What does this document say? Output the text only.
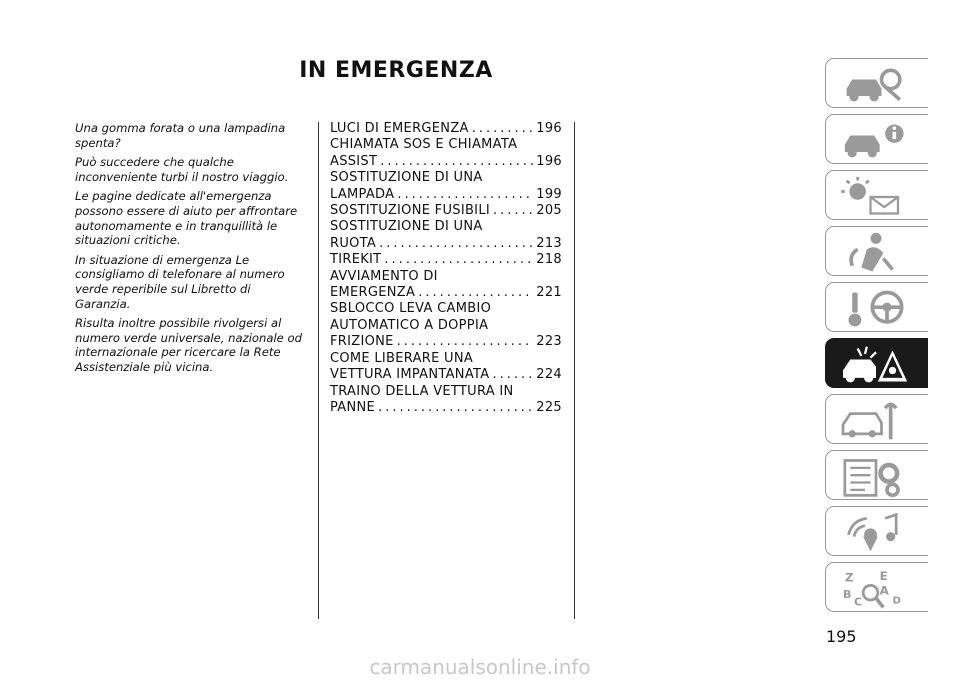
IN EMERGENZA

Una gomma forata o una lampadina spenta?

Può succedere che qualche inconveniente turbi il nostro viaggio.

Le pagine dedicate all'emergenza possono essere di aiuto per affrontare autonomamente e in tranquillità le situazioni critiche.

In situazione di emergenza Le consigliamo di telefonare al numero verde reperibile sul Libretto di Garanzia.

Risulta inoltre possibile rivolgersi al numero verde universale, nazionale od internazionale per ricercare la Rete Assistenziale più vicina.

LUCI DI EMERGENZA .....	196
CHIAMATA SOS E CHIAMATA
ASSIST .....	196
SOSTITUZIONE DI UNA
LAMPADA .....	199
SOSTITUZIONE FUSIBILI .....	205
SOSTITUZIONE DI UNA
RUOTA .....	213
TIREKIT .....	218
AVVIAMENTO DI
EMERGENZA .....	221
SBLOCCO LEVA CAMBIO
AUTOMATICO A DOPPIA
FRIZIONE .....	223
COME LIBERARE UNA
VETTURA IMPANTANATA .....	224
TRAINO DELLA VETTURA IN
PANNE .....	225
Z E
B A
C	D
195
carmanualsonline.info
